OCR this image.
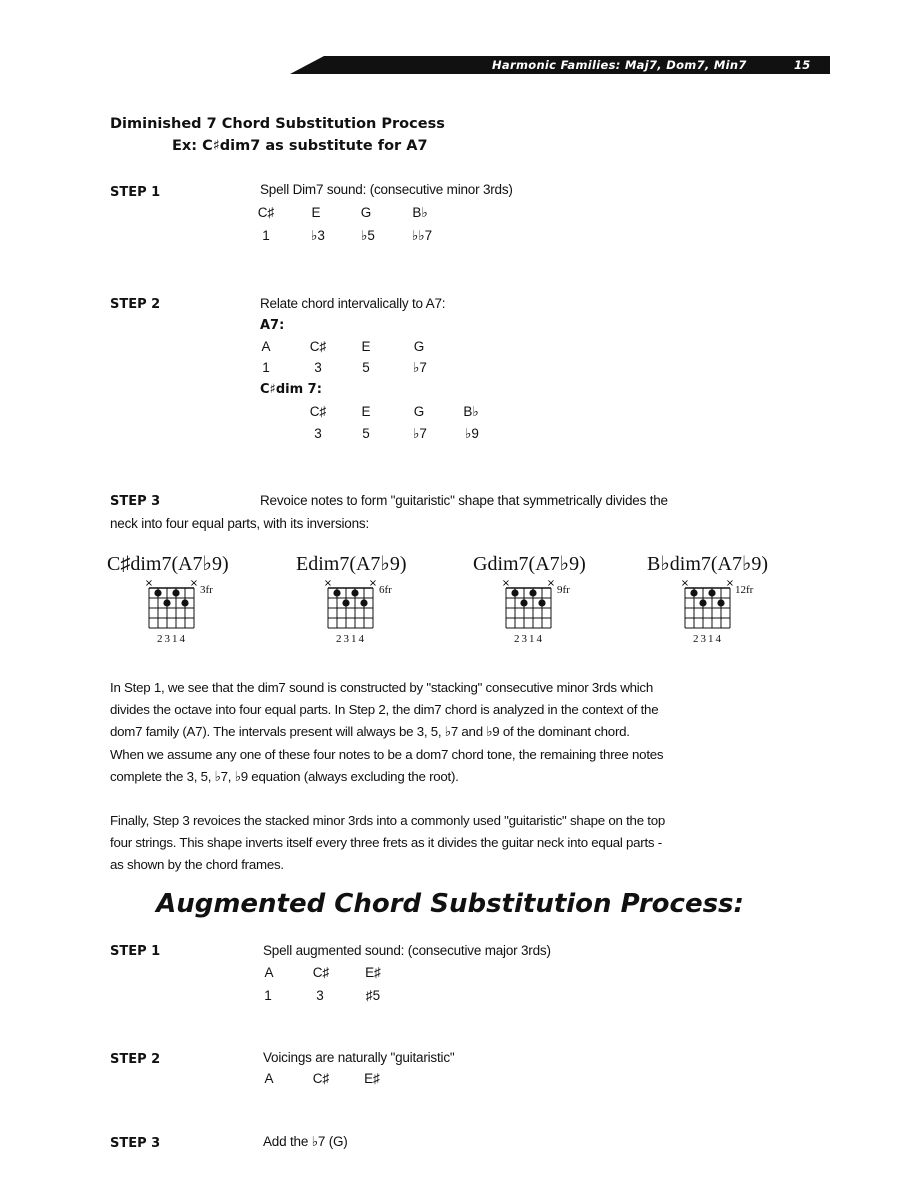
Harmonic Families: Maj7, Dom7, Min7	15
Diminished 7 Chord Substitution Process
Ex: C♯dim7 as substitute for A7
STEP 1	Spell Dim7 sound: (consecutive minor 3rds)
C♯	E	G	B♭
1	♭3	♭5	♭♭7
STEP 2	Relate chord intervalically to A7:
A7:
A	C♯	E	G
1	3	5	♭7
C♯dim 7:
C♯	E	G	B♭
3	5	♭7	♭9
STEP 3	Revoice notes to form "guitaristic" shape that symmetrically divides the
neck into four equal parts, with its inversions:
C♯dim7(A7♭9)	Edim7(A7♭9)	Gdim7(A7♭9)	B♭dim7(A7♭9)
×	×	×	×	×	×	×	×
3fr	6fr	9fr	12fr
2314	2314	2314	2314
In Step 1, we see that the dim7 sound is constructed by "stacking" consecutive minor 3rds which
divides the octave into four equal parts. In Step 2, the dim7 chord is analyzed in the context of the
dom7 family (A7). The intervals present will always be 3, 5, ♭7 and ♭9 of the dominant chord.
When we assume any one of these four notes to be a dom7 chord tone, the remaining three notes
complete the 3, 5, ♭7, ♭9 equation (always excluding the root).
Finally, Step 3 revoices the stacked minor 3rds into a commonly used "guitaristic" shape on the top
four strings. This shape inverts itself every three frets as it divides the guitar neck into equal parts -
as shown by the chord frames.
Augmented Chord Substitution Process:
STEP 1	Spell augmented sound: (consecutive major 3rds)
A	C♯	E♯
1	3	♯5
STEP 2	Voicings are naturally "guitaristic"
A	C♯	E♯
STEP 3	Add the ♭7 (G)
